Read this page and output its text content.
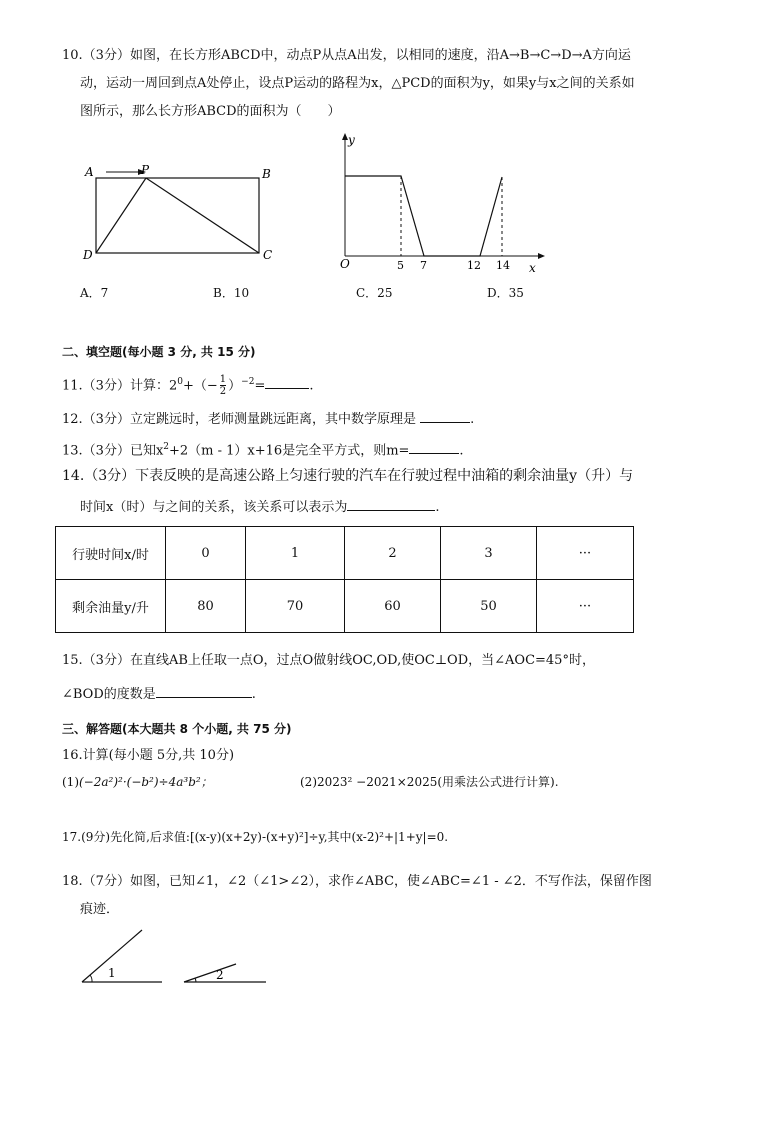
10.（3分）如图，在长方形ABCD中，动点P从点A出发，以相同的速度，沿A→B→C→D→A方向运
动，运动一周回到点A处停止，设点P运动的路程为x，△PCD的面积为y，如果y与x之间的关系如
图所示，那么长方形ABCD的面积为（　　）
A	P	B
D	C
y
x
O	5 7	12 14
A．7	B．10	C．25	D．35
二、填空题(每小题 3 分, 共 15 分)
11.（3分）计算：$2^0+(- \frac{1}{2} )^{-2}=$	.
12.（3分）立定跳远时，老师测量跳远距离，其中数学原理是	.
13.（3分）已知$x^2+2(m - 1)x+16$是完全平方式，则m=	.
14.（3分）下表反映的是高速公路上匀速行驶的汽车在行驶过程中油箱的剩余油量y（升）与
时间x（时）与之间的关系，该关系可以表示为	.
行驶时间x/时	0	1	2	3	···
剩余油量y/升	80	70	60	50	···
15.（3分）在直线AB上任取一点O，过点O做射线OC,OD,使OC⊥OD，当∠AOC=45°时，
∠BOD的度数是	.
三、解答题(本大题共 8 个小题, 共 75 分)
16.计算(每小题 5分,共 10分)
(1)(−2a²)²·(−b²)÷4a³b²；	(2)2023² −2021×2025(用乘法公式进行计算).
17.(9分)先化简,后求值:[(x-y)(x+2y)-(x+y)²]÷y,其中(x-2)²+|1+y|=0.
18.（7分）如图，已知∠1，∠2（∠1>∠2），求作∠ABC，使∠ABC=∠1 - ∠2．不写作法，保留作图
痕迹．
1	2
